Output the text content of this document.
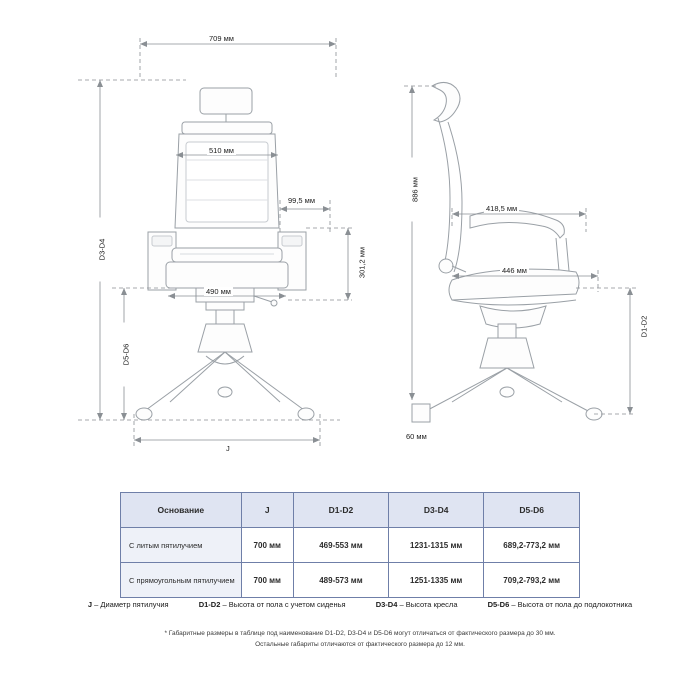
709 мм
510 мм
99,5 мм
490 мм
301,2 мм
D3-D4
D5-D6
J
886 мм
418,5 мм
446 мм
D1-D2
60 мм
Основание	J	D1-D2	D3-D4	D5-D6
С литым пятилучием	700 мм	469-553 мм	1231-1315 мм	689,2-773,2 мм
С прямоугольным пятилучием	700 мм	489-573 мм	1251-1335 мм	709,2-793,2 мм
J – Диаметр пятилучия	D1-D2 – Высота от пола с учетом сиденья	D3-D4 – Высота кресла	D5-D6 – Высота от пола до подлокотника
* Габаритные размеры в таблице под наименование D1-D2, D3-D4 и D5-D6 могут отличаться от фактического размера до 30 мм.
Остальные габариты отличаются от фактического размера до 12 мм.
